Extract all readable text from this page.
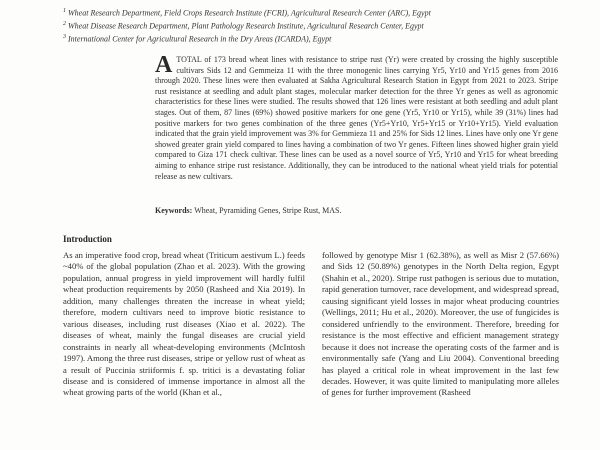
$^1$ Wheat Research Department, Field Crops Research Institute (FCRI), Agricultural Research Center (ARC), Egypt
$^2$ Wheat Disease Research Department, Plant Pathology Research Institute, Agricultural Research Center, Egypt
$^3$ International Center for Agricultural Research in the Dry Areas (ICARDA), Egypt
ATOTAL of 173 bread wheat lines with resistance to stripe rust (Yr) were created by crossing the highly susceptible cultivars Sids 12 and Gemmeiza 11 with the three monogenic lines carrying Yr5, Yr10 and Yr15 genes from 2016 through 2020. These lines were then evaluated at Sakha Agricultural Research Station in Egypt from 2021 to 2023. Stripe rust resistance at seedling and adult plant stages, molecular marker detection for the three Yr genes as well as agronomic characteristics for these lines were studied. The results showed that 126 lines were resistant at both seedling and adult plant stages. Out of them, 87 lines (69%) showed positive markers for one gene (Yr5, Yr10 or Yr15), while 39 (31%) lines had positive markers for two genes combination of the three genes (Yr5+Yr10, Yr5+Yr15 or Yr10+Yr15). Yield evaluation indicated that the grain yield improvement was 3% for Gemmieza 11 and 25% for Sids 12 lines. Lines have only one Yr gene showed greater grain yield compared to lines having a combination of two Yr genes. Fifteen lines showed higher grain yield compared to Giza 171 check cultivar. These lines can be used as a novel source of Yr5, Yr10 and Yr15 for wheat breeding aiming to enhance stripe rust resistance. Additionally, they can be introduced to the national wheat yield trials for potential release as new cultivars.
Keywords: Wheat, Pyramiding Genes, Stripe Rust, MAS.
Introduction
As an imperative food crop, bread wheat (Triticum aestivum L.) feeds ~40% of the global population (Zhao et al. 2023). With the growing population, annual progress in yield improvement will hardly fulfil wheat production requirements by 2050 (Rasheed and Xia 2019). In addition, many challenges threaten the increase in wheat yield; therefore, modern cultivars need to improve biotic resistance to various diseases, including rust diseases (Xiao et al. 2022). The diseases of wheat, mainly the fungal diseases are crucial yield constraints in nearly all wheat-developing environments (McIntosh 1997). Among the three rust diseases, stripe or yellow rust of wheat as a result of Puccinia striiformis f. sp. tritici is a devastating foliar disease and is considered of immense importance in almost all the wheat growing parts of the world (Khan et al.,
followed by genotype Misr 1 (62.38%), as well as Misr 2 (57.66%) and Sids 12 (50.89%) genotypes in the North Delta region, Egypt (Shahin et al., 2020). Stripe rust pathogen is serious due to mutation, rapid generation turnover, race development, and widespread spread, causing significant yield losses in major wheat producing countries (Wellings, 2011; Hu et al., 2020). Moreover, the use of fungicides is considered unfriendly to the environment. Therefore, breeding for resistance is the most effective and efficient management strategy because it does not increase the operating costs of the farmer and is environmentally safe (Yang and Liu 2004). Conventional breeding has played a critical role in wheat improvement in the last few decades. However, it was quite limited to manipulating more alleles of genes for further improvement (Rasheed
